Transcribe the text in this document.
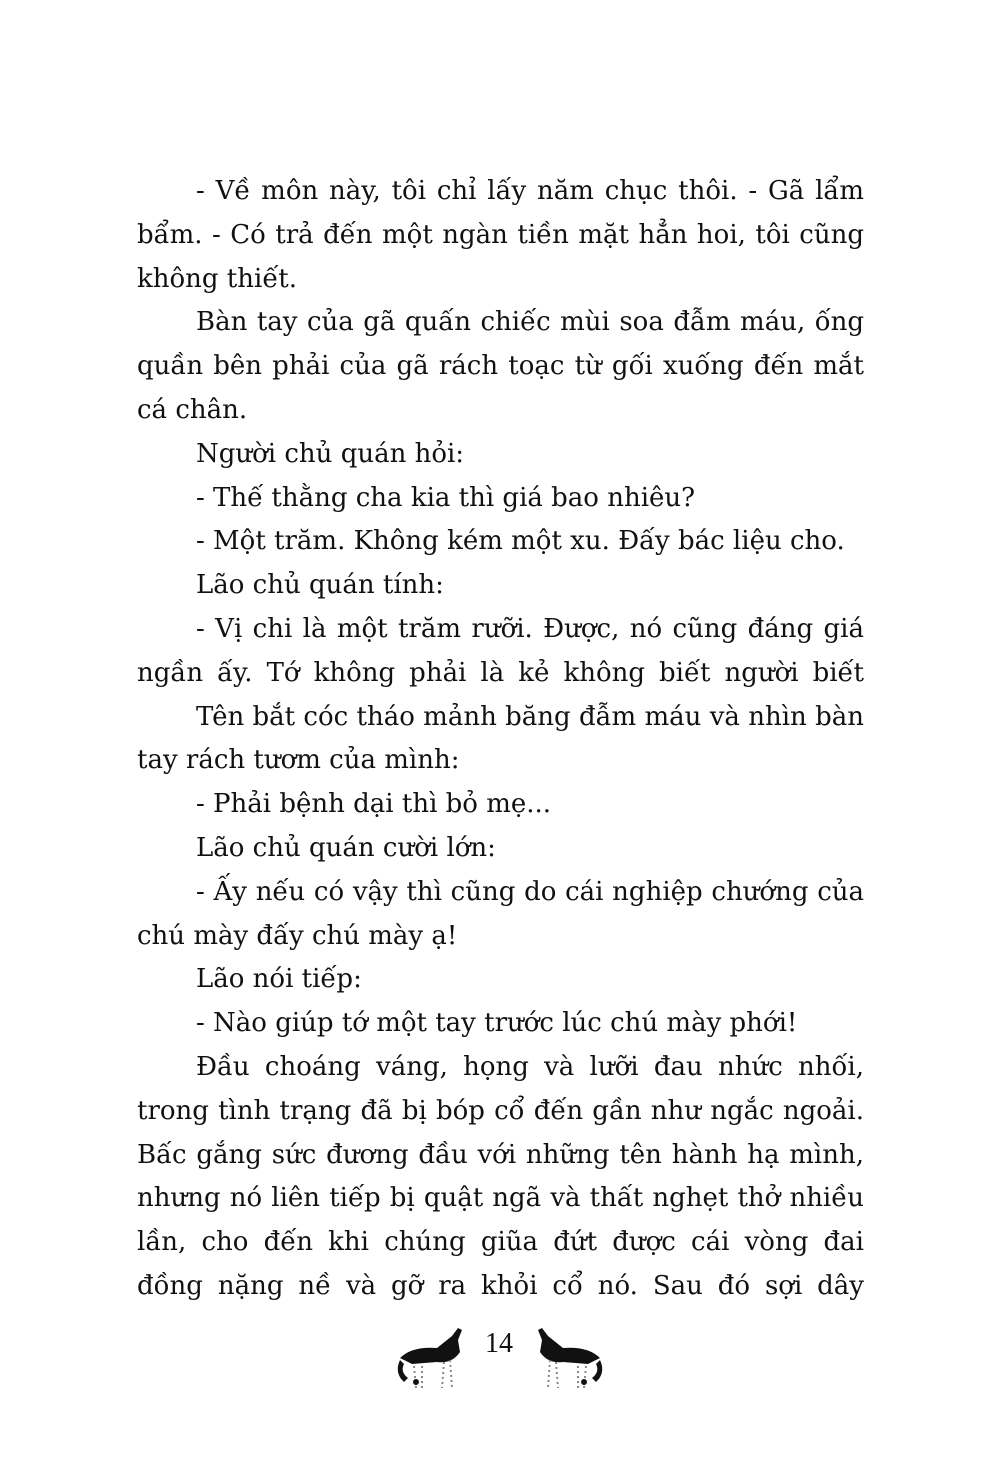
- Về môn này, tôi chỉ lấy năm chục thôi. - Gã lẩm
bẩm. - Có trả đến một ngàn tiền mặt hẳn hoi, tôi cũng
không thiết.
Bàn tay của gã quấn chiếc mùi soa đẫm máu, ống
quần bên phải của gã rách toạc từ gối xuống đến mắt
cá chân.
Người chủ quán hỏi:
- Thế thằng cha kia thì giá bao nhiêu?
- Một trăm. Không kém một xu. Đấy bác liệu cho.
Lão chủ quán tính:
- Vị chi là một trăm rưỡi. Được, nó cũng đáng giá
ngần ấy. Tớ không phải là kẻ không biết người biết
Tên bắt cóc tháo mảnh băng đẫm máu và nhìn bàn
tay rách tươm của mình:
- Phải bệnh dại thì bỏ mẹ...
Lão chủ quán cười lớn:
- Ấy nếu có vậy thì cũng do cái nghiệp chướng của
chú mày đấy chú mày ạ!
Lão nói tiếp:
- Nào giúp tớ một tay trước lúc chú mày phới!
Đầu choáng váng, họng và lưỡi đau nhức nhối,
trong tình trạng đã bị bóp cổ đến gần như ngắc ngoải.
Bấc gắng sức đương đầu với những tên hành hạ mình,
nhưng nó liên tiếp bị quật ngã và thất nghẹt thở nhiều
lần, cho đến khi chúng giũa đứt được cái vòng đai
đồng nặng nề và gỡ ra khỏi cổ nó. Sau đó sợi dây
14
